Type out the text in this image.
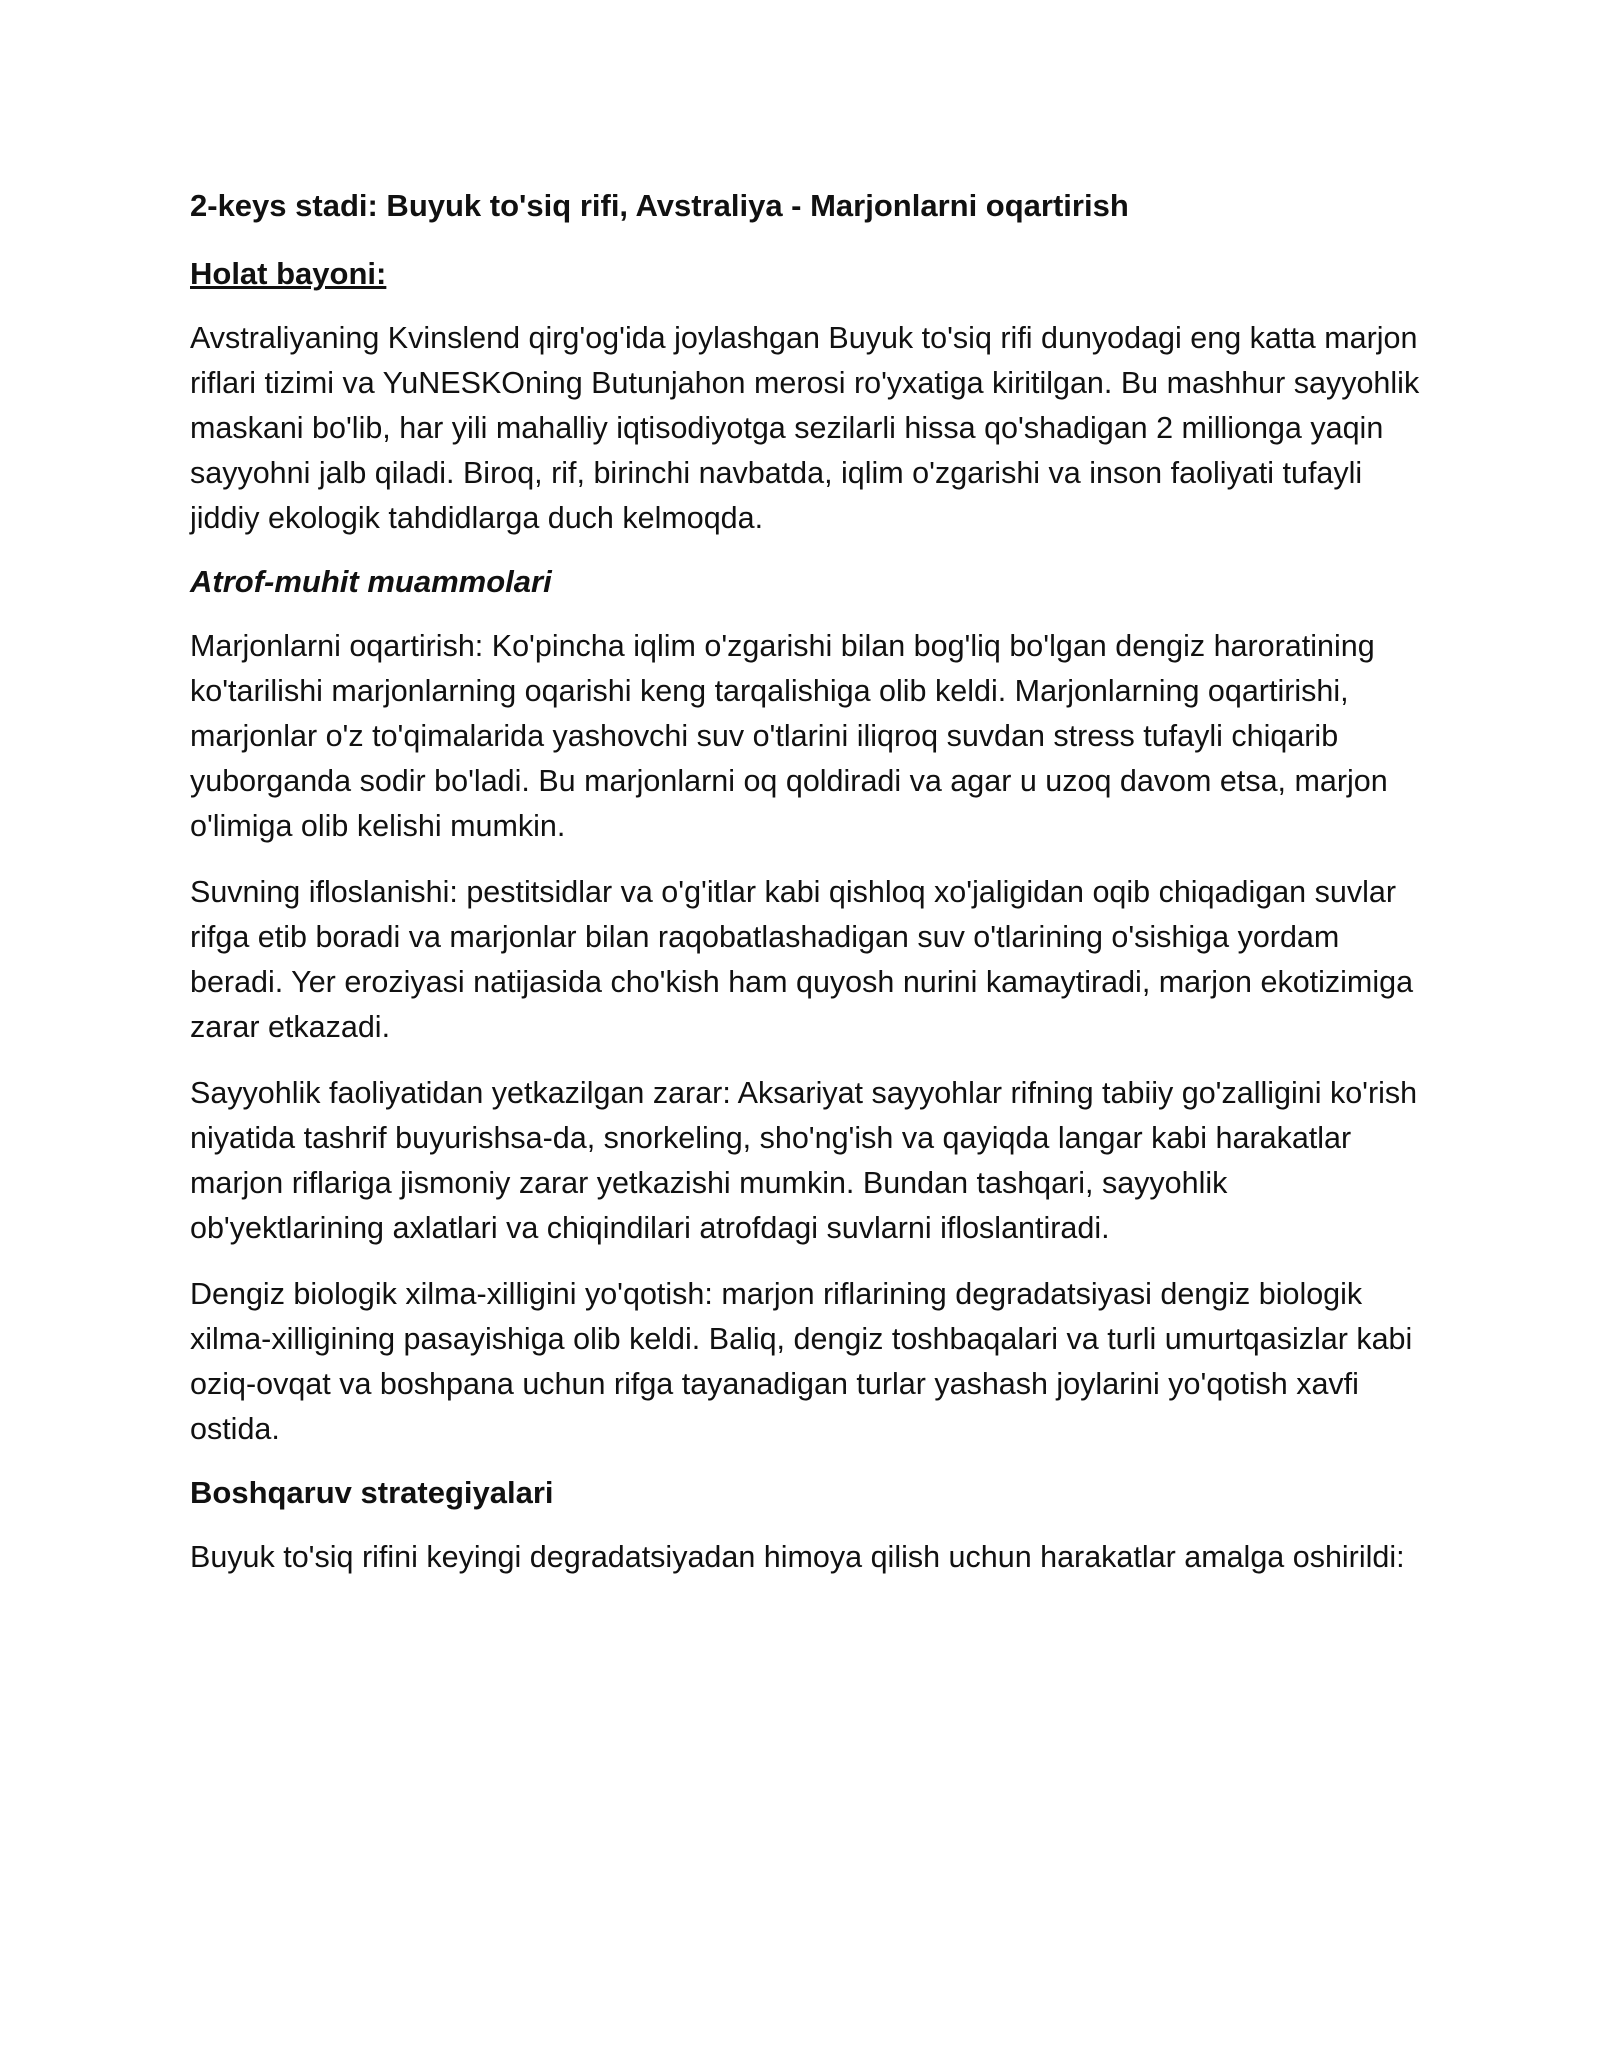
2-keys stadi: Buyuk to'siq rifi, Avstraliya - Marjonlarni oqartirish
Holat bayoni:

Avstraliyaning Kvinslend qirg'og'ida joylashgan Buyuk to'siq rifi dunyodagi eng katta marjon riflari tizimi va YuNESKOning Butunjahon merosi ro'yxatiga kiritilgan. Bu mashhur sayyohlik maskani bo'lib, har yili mahalliy iqtisodiyotga sezilarli hissa qo'shadigan 2 millionga yaqin sayyohni jalb qiladi. Biroq, rif, birinchi navbatda, iqlim o'zgarishi va inson faoliyati tufayli jiddiy ekologik tahdidlarga duch kelmoqda.

Atrof-muhit muammolari

Marjonlarni oqartirish: Ko'pincha iqlim o'zgarishi bilan bog'liq bo'lgan dengiz haroratining ko'tarilishi marjonlarning oqarishi keng tarqalishiga olib keldi. Marjonlarning oqartirishi, marjonlar o'z to'qimalarida yashovchi suv o'tlarini iliqroq suvdan stress tufayli chiqarib yuborganda sodir bo'ladi. Bu marjonlarni oq qoldiradi va agar u uzoq davom etsa, marjon o'limiga olib kelishi mumkin.

Suvning ifloslanishi: pestitsidlar va o'g'itlar kabi qishloq xo'jaligidan oqib chiqadigan suvlar rifga etib boradi va marjonlar bilan raqobatlashadigan suv o'tlarining o'sishiga yordam beradi. Yer eroziyasi natijasida cho'kish ham quyosh nurini kamaytiradi, marjon ekotizimiga zarar etkazadi.

Sayyohlik faoliyatidan yetkazilgan zarar: Aksariyat sayyohlar rifning tabiiy go'zalligini ko'rish niyatida tashrif buyurishsa-da, snorkeling, sho'ng'ish va qayiqda langar kabi harakatlar marjon riflariga jismoniy zarar yetkazishi mumkin. Bundan tashqari, sayyohlik ob'yektlarining axlatlari va chiqindilari atrofdagi suvlarni ifloslantiradi.

Dengiz biologik xilma-xilligini yo'qotish: marjon riflarining degradatsiyasi dengiz biologik xilma-xilligining pasayishiga olib keldi. Baliq, dengiz toshbaqalari va turli umurtqasizlar kabi oziq-ovqat va boshpana uchun rifga tayanadigan turlar yashash joylarini yo'qotish xavfi ostida.

Boshqaruv strategiyalari

Buyuk to'siq rifini keyingi degradatsiyadan himoya qilish uchun harakatlar amalga oshirildi:
